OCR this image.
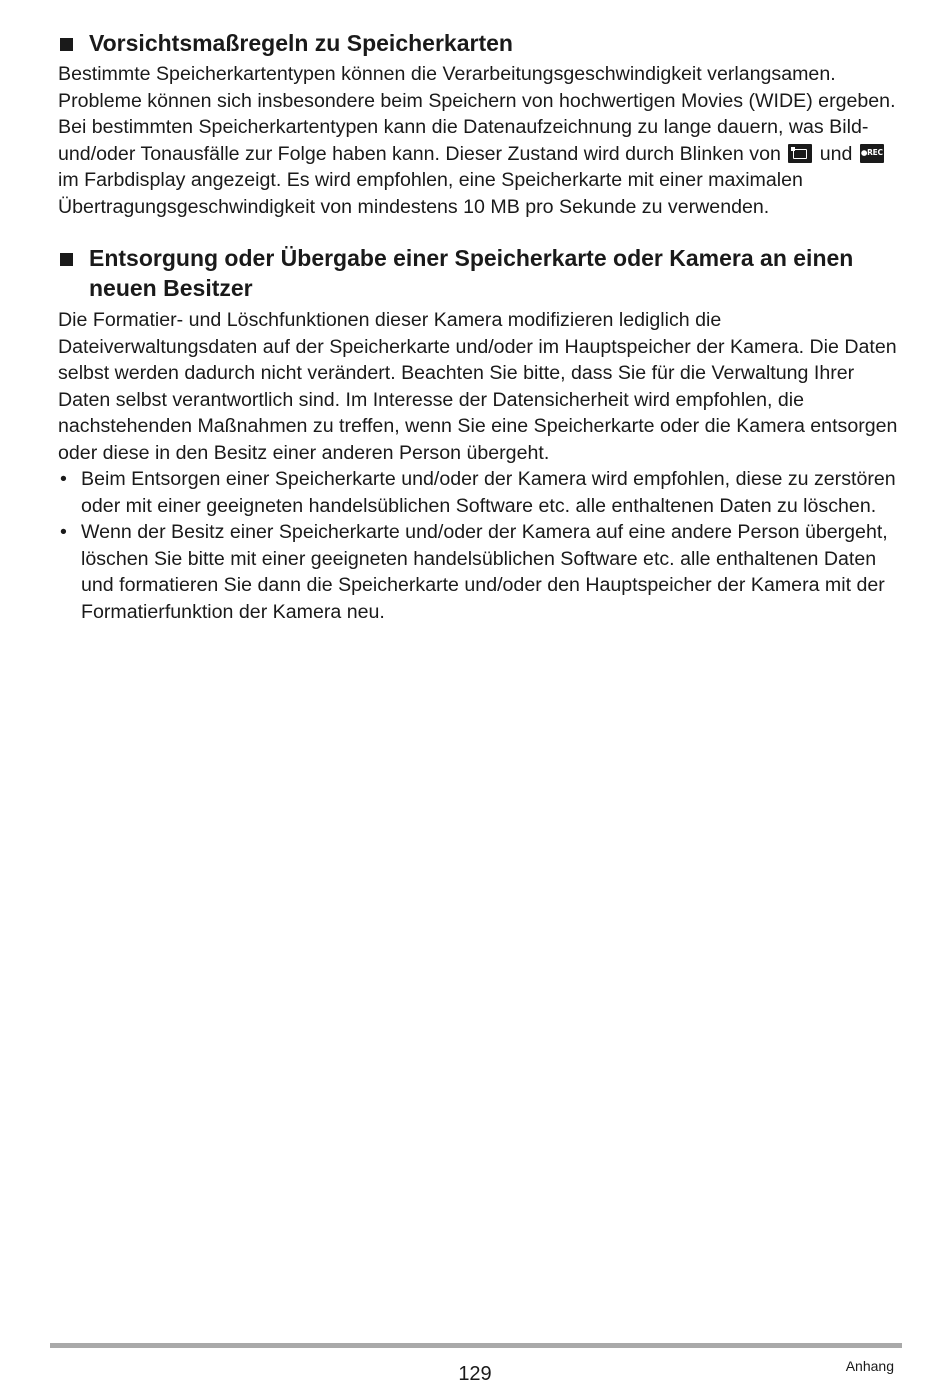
Vorsichtsmaßregeln zu Speicherkarten

Bestimmte Speicherkartentypen können die Verarbeitungsgeschwindigkeit verlangsamen. Probleme können sich insbesondere beim Speichern von hochwertigen Movies (WIDE) ergeben. Bei bestimmten Speicherkartentypen kann die Datenaufzeichnung zu lange dauern, was Bild- und/oder Tonausfälle zur Folge haben kann. Dieser Zustand wird durch Blinken von  und ●REC
im Farbdisplay angezeigt. Es wird empfohlen, eine Speicherkarte mit einer maximalen Übertragungsgeschwindigkeit von mindestens 10 MB pro Sekunde zu verwenden.

Entsorgung oder Übergabe einer Speicherkarte oder Kamera an einen neuen Besitzer

Die Formatier- und Löschfunktionen dieser Kamera modifizieren lediglich die Dateiverwaltungsdaten auf der Speicherkarte und/oder im Hauptspeicher der Kamera. Die Daten selbst werden dadurch nicht verändert. Beachten Sie bitte, dass Sie für die Verwaltung Ihrer Daten selbst verantwortlich sind. Im Interesse der Datensicherheit wird empfohlen, die nachstehenden Maßnahmen zu treffen, wenn Sie eine Speicherkarte oder die Kamera entsorgen oder diese in den Besitz einer anderen Person übergeht.

• Beim Entsorgen einer Speicherkarte und/oder der Kamera wird empfohlen, diese zu zerstören oder mit einer geeigneten handelsüblichen Software etc. alle enthaltenen Daten zu löschen.
• Wenn der Besitz einer Speicherkarte und/oder der Kamera auf eine andere Person übergeht, löschen Sie bitte mit einer geeigneten handelsüblichen Software etc. alle enthaltenen Daten und formatieren Sie dann die Speicherkarte und/oder den Hauptspeicher der Kamera mit der Formatierfunktion der Kamera neu.
129	Anhang
